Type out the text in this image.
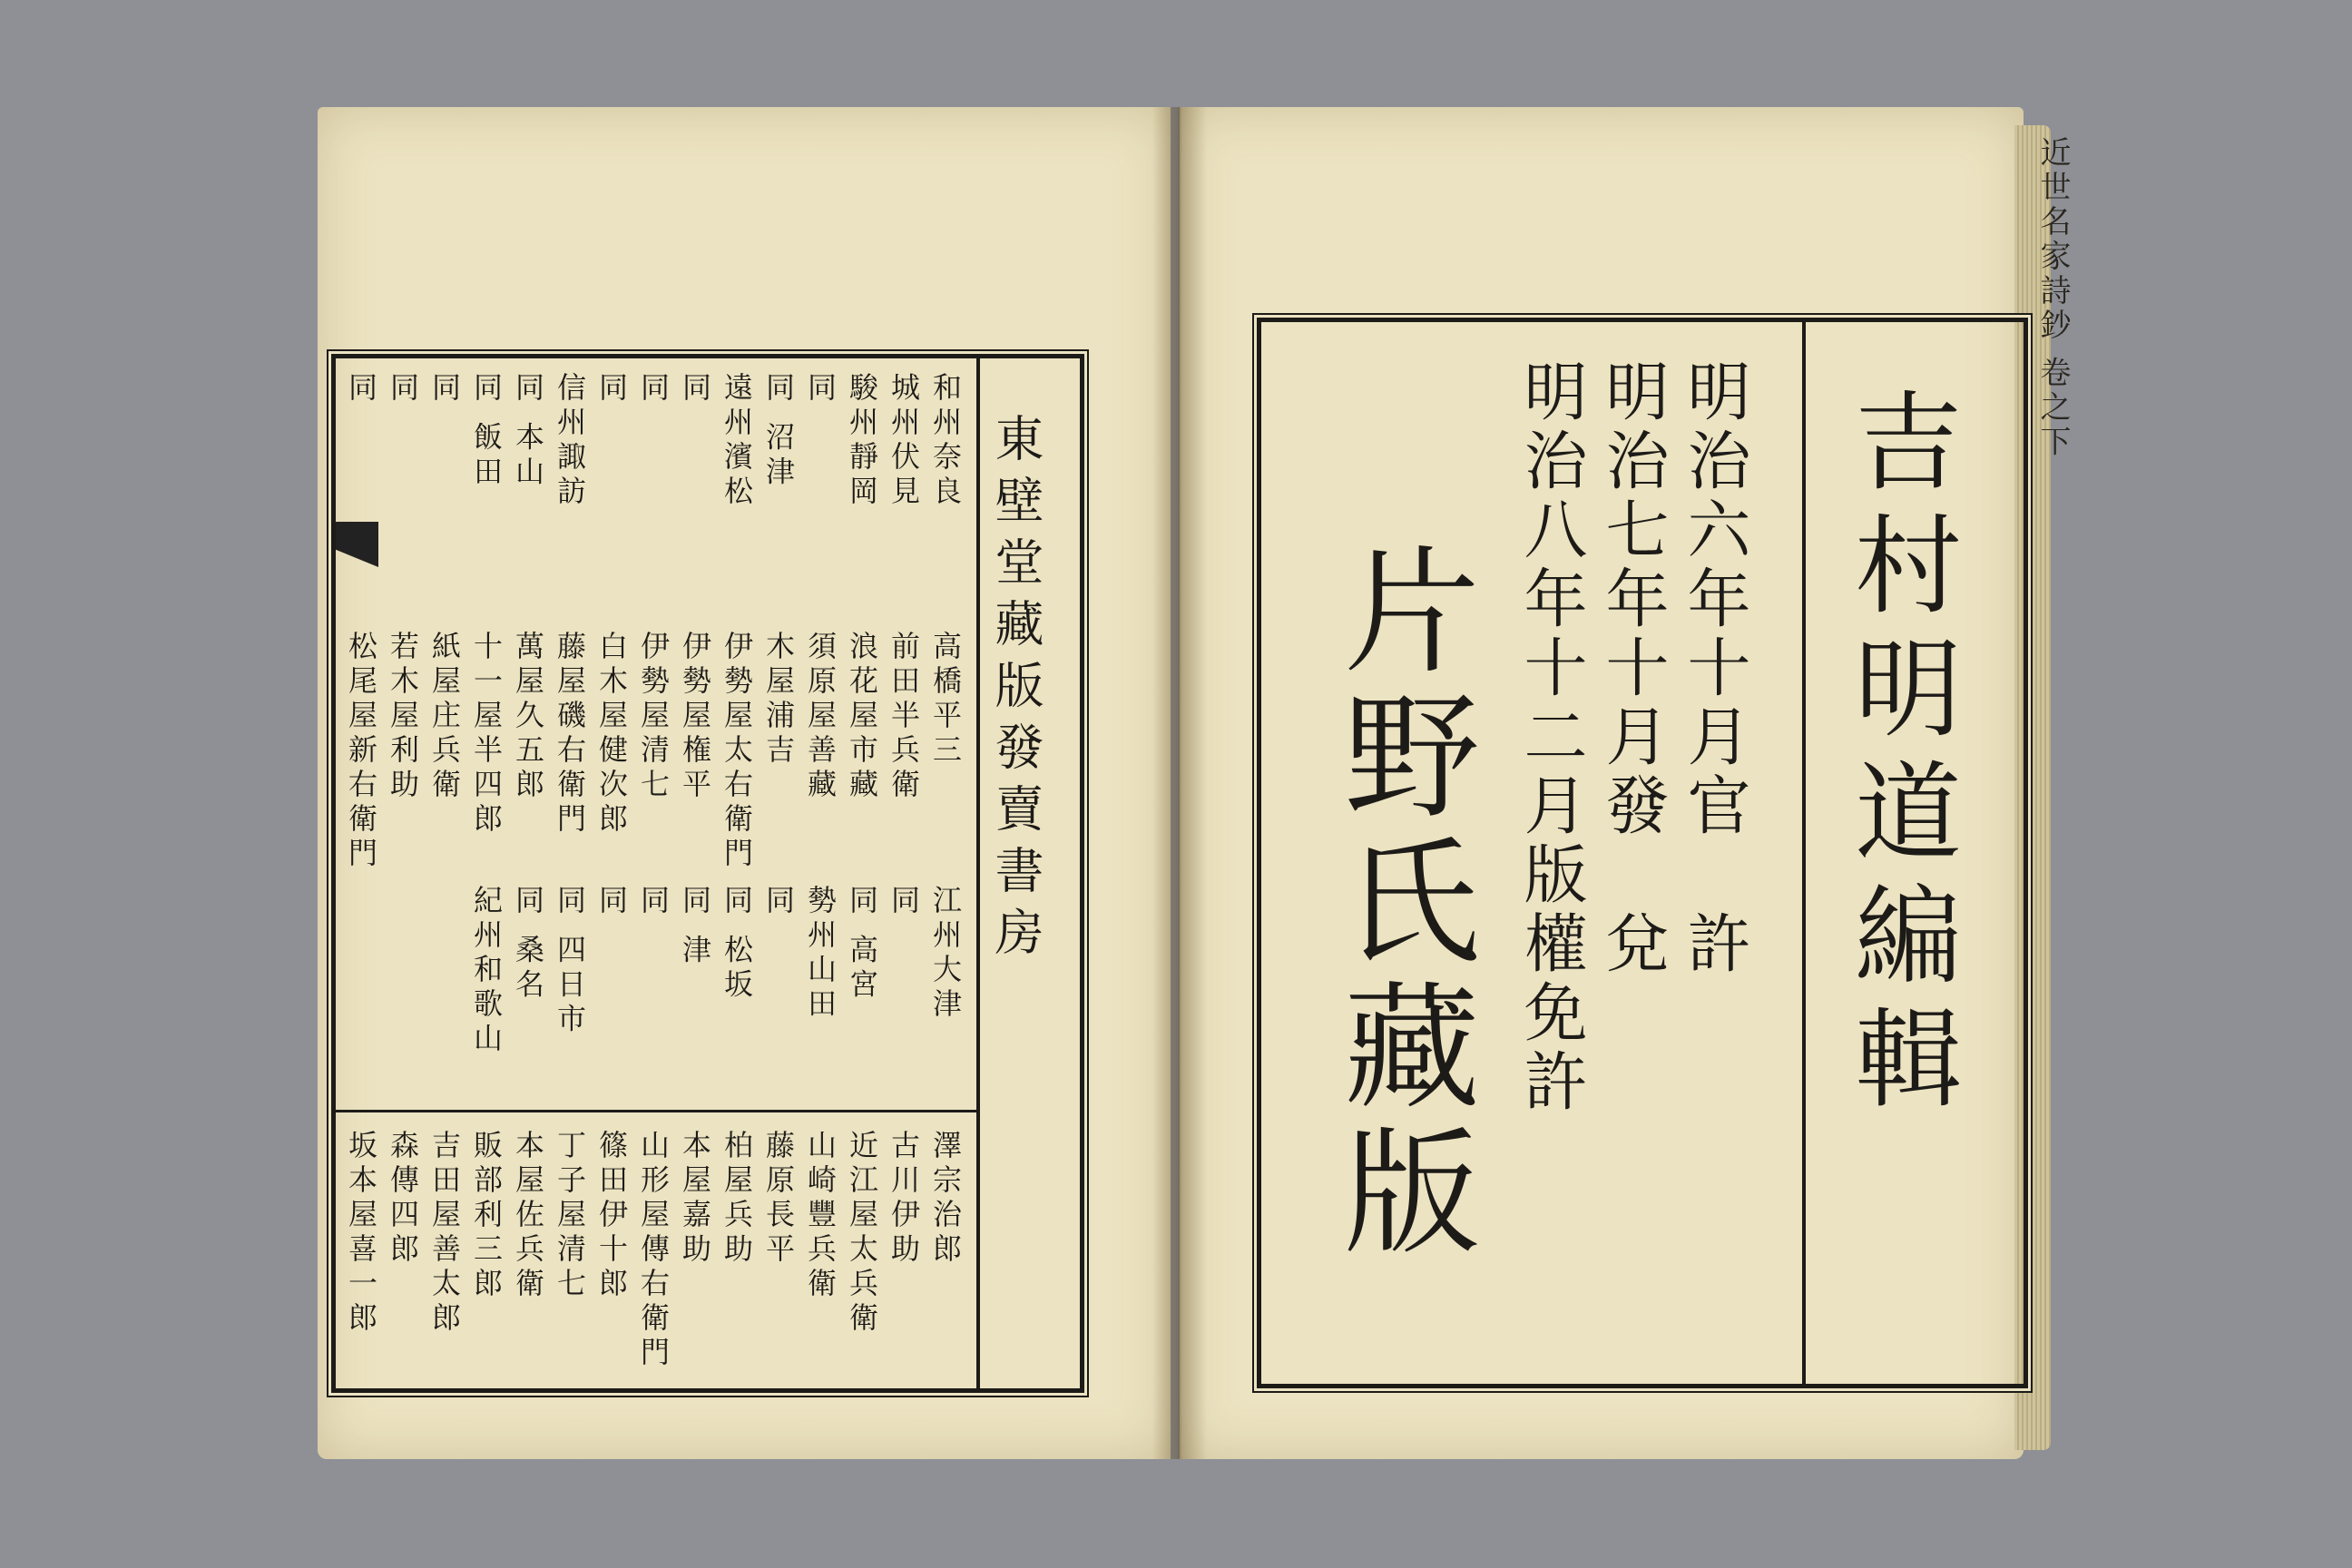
東壁堂藏版發賣書房
和州奈良
高橋平三
城州伏見
前田半兵衛
駿州靜岡
浪花屋市藏
同
須原屋善藏
同 沼津
木屋浦吉
遠州濱松
伊勢屋太右衛門
同
伊勢屋権平
同
伊勢屋清七
同
白木屋健次郎
信州諏訪
藤屋磯右衛門
同 本山
萬屋久五郎
同 飯田
十一屋半四郎
同
紙屋庄兵衛
同
若木屋利助
同
松尾屋新右衛門
澤宗治郎
江州大津
古川伊助
同
近江屋太兵衛
同 高宮
山崎豐兵衛
勢州山田
藤原長平
同
柏屋兵助
同 松坂
本屋嘉助
同 津
山形屋傳右衛門
同
篠田伊十郎
同
丁子屋清七
同 四日市
本屋佐兵衛
同 桑名
販部利三郎
紀州和歌山
吉田屋善太郎
森傳四郎
坂本屋喜一郎

吉村明道編輯
明治六年十月官　許
明治七年十月發　兌
明治八年十二月版權免許
片野氏藏版
近世名家詩鈔 卷之下
